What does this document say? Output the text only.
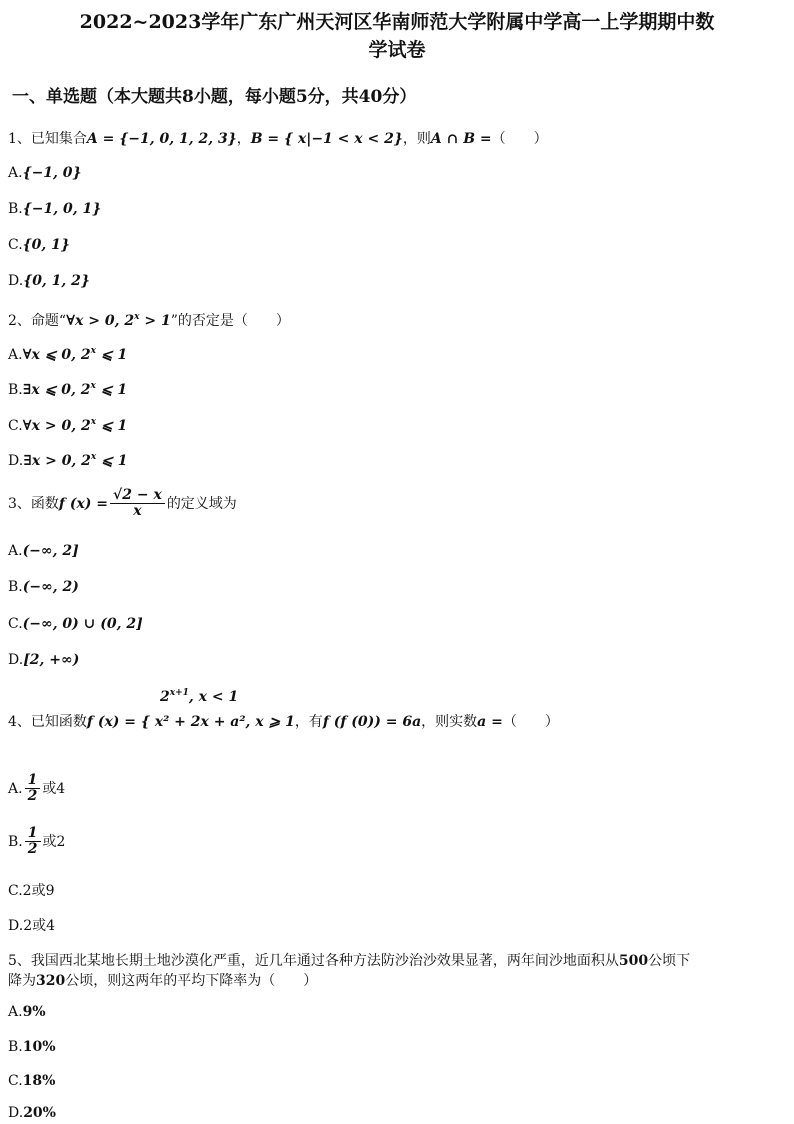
2022~2023学年广东广州天河区华南师范大学附属中学高一上学期期中数
学试卷
一、单选题（本大题共8小题，每小题5分，共40分）
1、已知集合A = {−1, 0, 1, 2, 3}，B = { x|−1 < x < 2}，则A ∩ B =（　　）
A.{−1, 0}
B.{−1, 0, 1}
C.{0, 1}
D.{0, 1, 2}
2、命题“∀x > 0, $2^x > 1$”的否定是（　　）
A.∀x ⩽ 0, 2$^x$ ⩽ 1
B.∃x ⩽ 0, 2$^x$ ⩽ 1
C.∀x > 0, 2$^x$ ⩽ 1
D.∃x > 0, 2$^x$ ⩽ 1
3、函数f $(x) = \frac{√2 - x}{x}$ 的定义域为
B.(−∞, 2)
A.(−∞, 2]
C.(−∞, 0) ∪ (0, 2]
D.[2, +∞)
$2^{x+1}$, x < 1
4、已知函数f (x) = { x² + 2x + a², x ⩾ 1，有f (f (0)) = 6a，则实数a =（　　）
A. $\frac{1}{2}$ 或4
B. $\frac{1}{2}$ 或2
C.2或9
D.2或4
5、我国西北某地长期土地沙漠化严重，近几年通过各种方法防沙治沙效果显著，两年间沙地面积从500公顷下
降为320公顷，则这两年的平均下降率为（　　）
A.9%
B.10%
C.18%
D.20%
